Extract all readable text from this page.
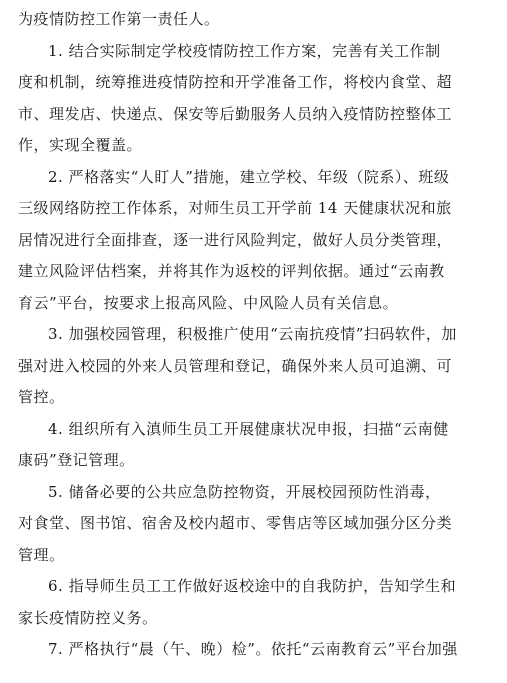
为疫情防控工作第一责任人。
1. 结合实际制定学校疫情防控工作方案，完善有关工作制
度和机制，统筹推进疫情防控和开学准备工作，将校内食堂、超
市、理发店、快递点、保安等后勤服务人员纳入疫情防控整体工
作，实现全覆盖。
2. 严格落实“人盯人”措施，建立学校、年级（院系）、班级
三级网络防控工作体系，对师生员工开学前 14 天健康状况和旅
居情况进行全面排查，逐一进行风险判定，做好人员分类管理，
建立风险评估档案，并将其作为返校的评判依据。通过“云南教
育云”平台，按要求上报高风险、中风险人员有关信息。
3. 加强校园管理，积极推广使用“云南抗疫情”扫码软件，加
强对进入校园的外来人员管理和登记，确保外来人员可追溯、可
管控。
4. 组织所有入滇师生员工开展健康状况申报，扫描“云南健
康码”登记管理。
5. 储备必要的公共应急防控物资，开展校园预防性消毒，
对食堂、图书馆、宿舍及校内超市、零售店等区域加强分区分类
管理。
6. 指导师生员工工作做好返校途中的自我防护，告知学生和
家长疫情防控义务。
7. 严格执行“晨（午、晚）检”。依托“云南教育云”平台加强
